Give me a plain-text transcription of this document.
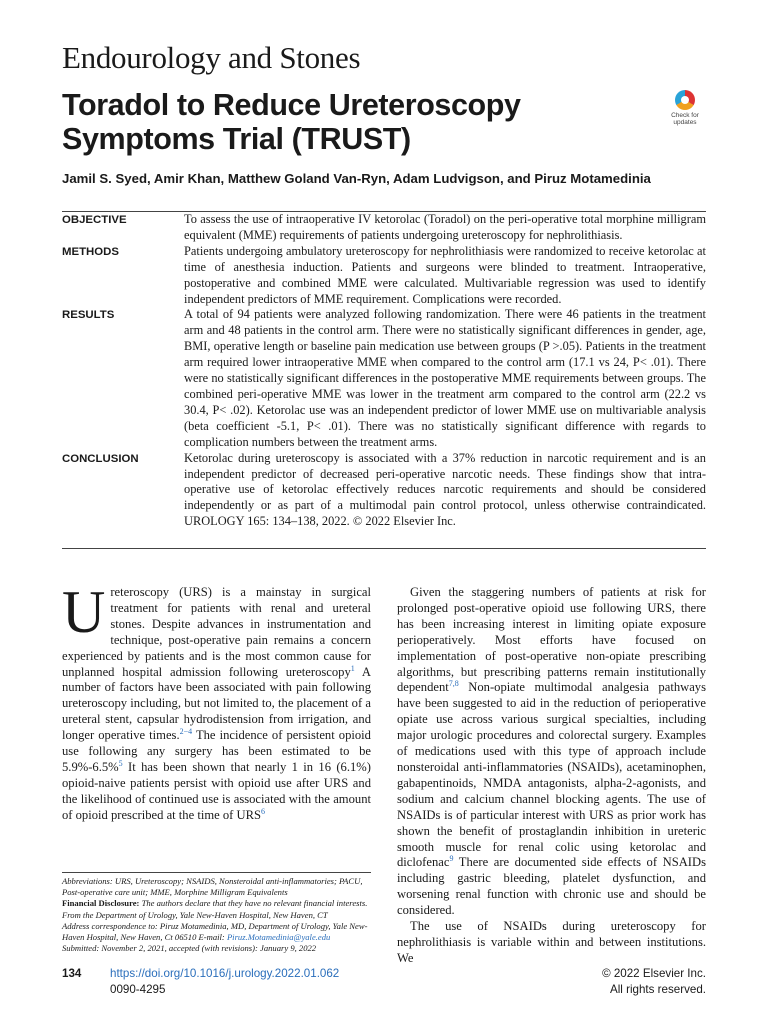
Endourology and Stones
Toradol to Reduce Ureteroscopy Symptoms Trial (TRUST)
Check for
updates
Jamil S. Syed, Amir Khan, Matthew Goland Van-Ryn, Adam Ludvigson, and Piruz Motamedinia
OBJECTIVE	To assess the use of intraoperative IV ketorolac (Toradol) on the peri-operative total morphine milligram equivalent (MME) requirements of patients undergoing ureteroscopy for nephrolithiasis.
METHODS	Patients undergoing ambulatory ureteroscopy for nephrolithiasis were randomized to receive ketorolac at time of anesthesia induction. Patients and surgeons were blinded to treatment. Intraoperative, postoperative and combined MME were calculated. Multivariable regression was used to identify independent predictors of MME requirement. Complications were recorded.
RESULTS	A total of 94 patients were analyzed following randomization. There were 46 patients in the treatment arm and 48 patients in the control arm. There were no statistically significant differences in gender, age, BMI, operative length or baseline pain medication use between groups (P >.05). Patients in the treatment arm required lower intraoperative MME when compared to the control arm (17.1 vs 24, P< .01). There were no statistically significant differences in the postoperative MME requirements between groups. The combined peri-operative MME was lower in the treatment arm compared to the control arm (22.2 vs 30.4, P< .02). Ketorolac use was an independent predictor of lower MME use on multivariable analysis (beta coefficient -5.1, P< .01). There was no statistically significant difference with regards to complication numbers between the treatment arms.
CONCLUSION	Ketorolac during ureteroscopy is associated with a 37% reduction in narcotic requirement and is an independent predictor of decreased peri-operative narcotic needs. These findings show that intra-operative use of ketorolac effectively reduces narcotic requirements and should be considered independently or as part of a multimodal pain control protocol, unless otherwise contraindicated. UROLOGY 165: 134–138, 2022. © 2022 Elsevier Inc.

Ureteroscopy (URS) is a mainstay in surgical treatment for patients with renal and ureteral stones. Despite advances in instrumentation and technique, post-operative pain remains a concern experienced by patients and is the most common cause for unplanned hospital admission following ureteroscopy$^1$ A number of factors have been associated with pain following ureteroscopy including, but not limited to, the placement of a ureteral stent, capsular hydrodistension from irrigation, and longer operative times.$^{2-4}$ The incidence of persistent opioid use following any surgery has been estimated to be 5.9%-6.5%$^5$ It has been shown that nearly 1 in 16 (6.1%) opioid-naive patients persist with opioid use after URS and the likelihood of continued use is associated with the amount of opioid prescribed at the time of URS$^6$

Given the staggering numbers of patients at risk for prolonged post-operative opioid use following URS, there has been increasing interest in limiting opiate exposure perioperatively. Most efforts have focused on implementation of post-operative non-opiate prescribing algorithms, but prescribing patterns remain institutionally dependent$^{7,8}$ Non-opiate multimodal analgesia pathways have been suggested to aid in the reduction of perioperative opiate use across various surgical specialties, including major urologic procedures and colorectal surgery. Examples of medications used with this type of approach include nonsteroidal anti-inflammatories (NSAIDs), acetaminophen, gabapentinoids, NMDA antagonists, alpha-2-agonists, and sodium and calcium channel blocking agents. The use of NSAIDs is of particular interest with URS as prior work has shown the benefit of prostaglandin inhibition in ureteric smooth muscle for renal colic using ketorolac and diclofenac$^9$ There are documented side effects of NSAIDs including gastric bleeding, platelet dysfunction, and worsening renal function with chronic use and should be considered.

The use of NSAIDs during ureteroscopy for nephrolithiasis is variable within and between institutions. We

Abbreviations: URS, Ureteroscopy; NSAIDS, Nonsteroidal anti-inflammatories; PACU, Post-operative care unit; MME, Morphine Milligram Equivalents

Financial Disclosure: The authors declare that they have no relevant financial interests.

From the Department of Urology, Yale New-Haven Hospital, New Haven, CT

Address correspondence to: Piruz Motamedinia, MD, Department of Urology, Yale New-Haven Hospital, New Haven, Ct 06510 E-mail: Piruz.Motamedinia@yale.edu

Submitted: November 2, 2021, accepted (with revisions): January 9, 2022

134 https://doi.org/10.1016/j.urology.2022.01.062
0090-4295
© 2022 Elsevier Inc.
All rights reserved.
